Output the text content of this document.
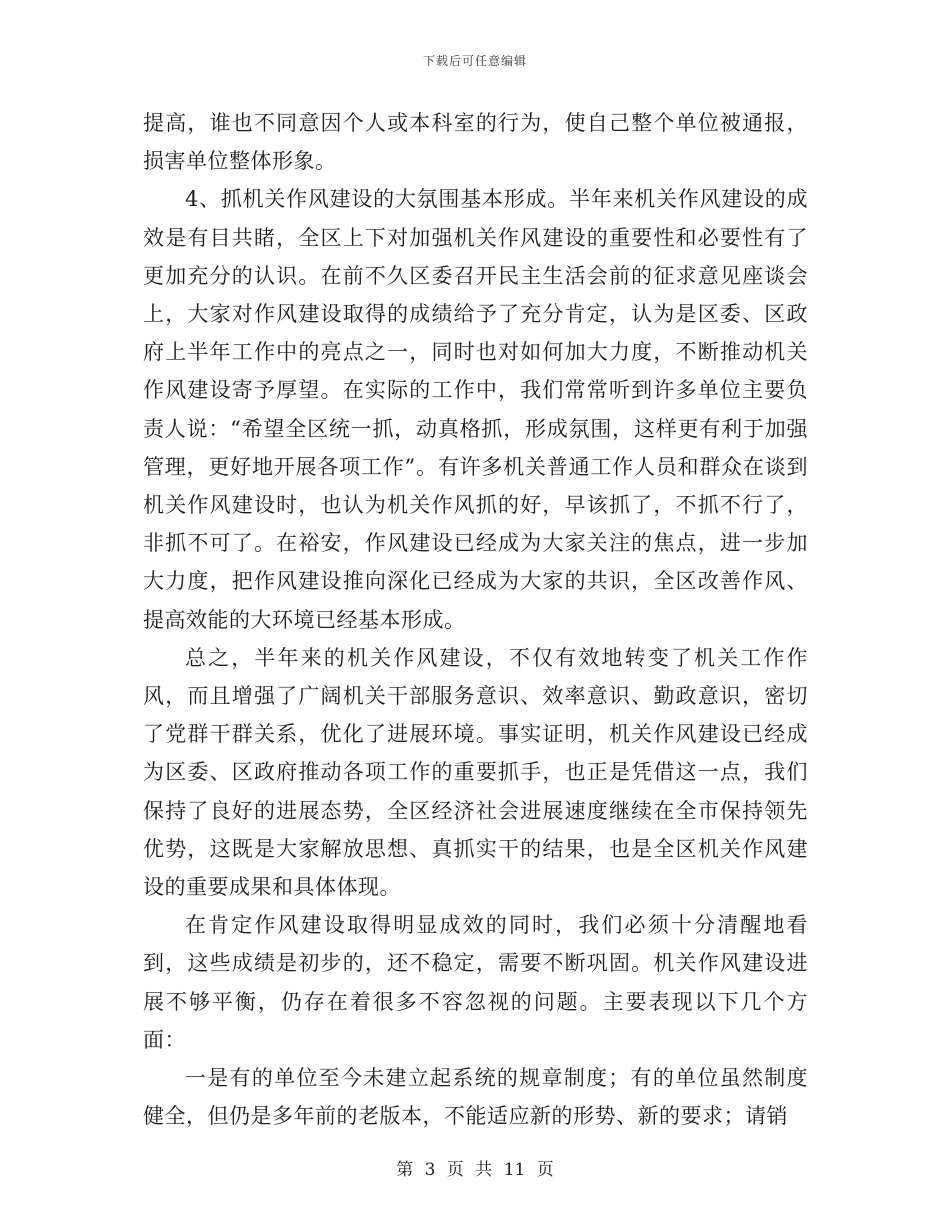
下载后可任意编辑

提高，谁也不同意因个人或本科室的行为，使自己整个单位被通报，损害单位整体形象。

4、抓机关作风建设的大氛围基本形成。半年来机关作风建设的成效是有目共睹，全区上下对加强机关作风建设的重要性和必要性有了更加充分的认识。在前不久区委召开民主生活会前的征求意见座谈会上，大家对作风建设取得的成绩给予了充分肯定，认为是区委、区政府上半年工作中的亮点之一，同时也对如何加大力度，不断推动机关作风建设寄予厚望。在实际的工作中，我们常常听到许多单位主要负责人说：“希望全区统一抓，动真格抓，形成氛围，这样更有利于加强管理，更好地开展各项工作”。有许多机关普通工作人员和群众在谈到机关作风建设时，也认为机关作风抓的好，早该抓了，不抓不行了，非抓不可了。在裕安，作风建设已经成为大家关注的焦点，进一步加大力度，把作风建设推向深化已经成为大家的共识，全区改善作风、提高效能的大环境已经基本形成。

总之，半年来的机关作风建设，不仅有效地转变了机关工作作风，而且增强了广阔机关干部服务意识、效率意识、勤政意识，密切了党群干群关系，优化了进展环境。事实证明，机关作风建设已经成为区委、区政府推动各项工作的重要抓手，也正是凭借这一点，我们保持了良好的进展态势，全区经济社会进展速度继续在全市保持领先优势，这既是大家解放思想、真抓实干的结果，也是全区机关作风建设的重要成果和具体体现。

在肯定作风建设取得明显成效的同时，我们必须十分清醒地看到，这些成绩是初步的，还不稳定，需要不断巩固。机关作风建设进展不够平衡，仍存在着很多不容忽视的问题。主要表现以下几个方面：

一是有的单位至今未建立起系统的规章制度；有的单位虽然制度健全，但仍是多年前的老版本，不能适应新的形势、新的要求；请销

第 3 页 共 11 页
